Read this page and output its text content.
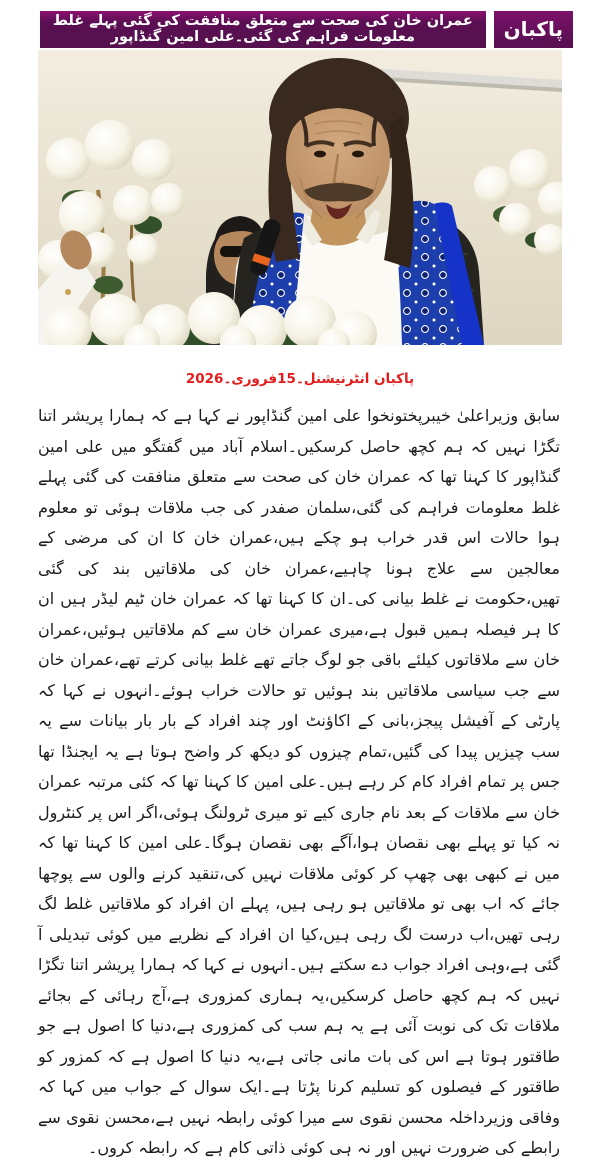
پاکبان
عمران خان کی صحت سے متعلق منافقت کی گئی پہلے غلط معلومات فراہم کی گئی۔علی امین گنڈاپور
پاکبان انٹرنیشنل۔15فروری۔2026
سابق وزیراعلیٰ خیبرپختونخوا علی امین گنڈاپور نے کہا ہے کہ ہمارا پریشر اتنا تگڑا نہیں کہ ہم کچھ حاصل کرسکیں۔اسلام آباد میں گفتگو میں علی امین گنڈاپور کا کہنا تھا کہ عمران خان کی صحت سے متعلق منافقت کی گئی پہلے غلط معلومات فراہم کی گئی،سلمان صفدر کی جب ملاقات ہوئی تو معلوم ہوا حالات اس قدر خراب ہو چکے ہیں،عمران خان کا ان کی مرضی کے معالجین سے علاج ہونا چاہیے،عمران خان کی ملاقاتیں بند کی گئی تھیں،حکومت نے غلط بیانی کی۔ان کا کہنا تھا کہ عمران خان ٹیم لیڈر ہیں ان کا ہر فیصلہ ہمیں قبول ہے،میری عمران خان سے کم ملاقاتیں ہوئیں،عمران خان سے ملاقاتوں کیلئے باقی جو لوگ جاتے تھے غلط بیانی کرتے تھے،عمران خان سے جب سیاسی ملاقاتیں بند ہوئیں تو حالات خراب ہوئے۔انہوں نے کہا کہ پارٹی کے آفیشل پیجز،بانی کے اکاؤنٹ اور چند افراد کے بار بار بیانات سے یہ سب چیزیں پیدا کی گئیں،تمام چیزوں کو دیکھ کر واضح ہوتا ہے یہ ایجنڈا تھا جس پر تمام افراد کام کر رہے ہیں۔علی امین کا کہنا تھا کہ کئی مرتبہ عمران خان سے ملاقات کے بعد نام جاری کیے تو میری ٹرولنگ ہوئی،اگر اس پر کنٹرول نہ کیا تو پہلے بھی نقصان ہوا،آگے بھی نقصان ہوگا۔علی امین کا کہنا تھا کہ میں نے کبھی بھی چھپ کر کوئی ملاقات نہیں کی،تنقید کرنے والوں سے پوچھا جائے کہ اب بھی تو ملاقاتیں ہو رہی ہیں، پہلے ان افراد کو ملاقاتیں غلط لگ رہی تھیں،اب درست لگ رہی ہیں،کیا ان افراد کے نظریے میں کوئی تبدیلی آ گئی ہے،وہی افراد جواب دے سکتے ہیں۔انہوں نے کہا کہ ہمارا پریشر اتنا تگڑا نہیں کہ ہم کچھ حاصل کرسکیں،یہ ہماری کمزوری ہے،آج رہائی کے بجائے ملاقات تک کی نوبت آئی ہے یہ ہم سب کی کمزوری ہے،دنیا کا اصول ہے جو طاقتور ہوتا ہے اس کی بات مانی جاتی ہے،یہ دنیا کا اصول ہے کہ کمزور کو طاقتور کے فیصلوں کو تسلیم کرنا پڑتا ہے۔ایک سوال کے جواب میں کہا کہ وفاقی وزیرداخلہ محسن نقوی سے میرا کوئی رابطہ نہیں ہے،محسن نقوی سے رابطے کی ضرورت نہیں اور نہ ہی کوئی ذاتی کام ہے کہ رابطہ کروں۔
